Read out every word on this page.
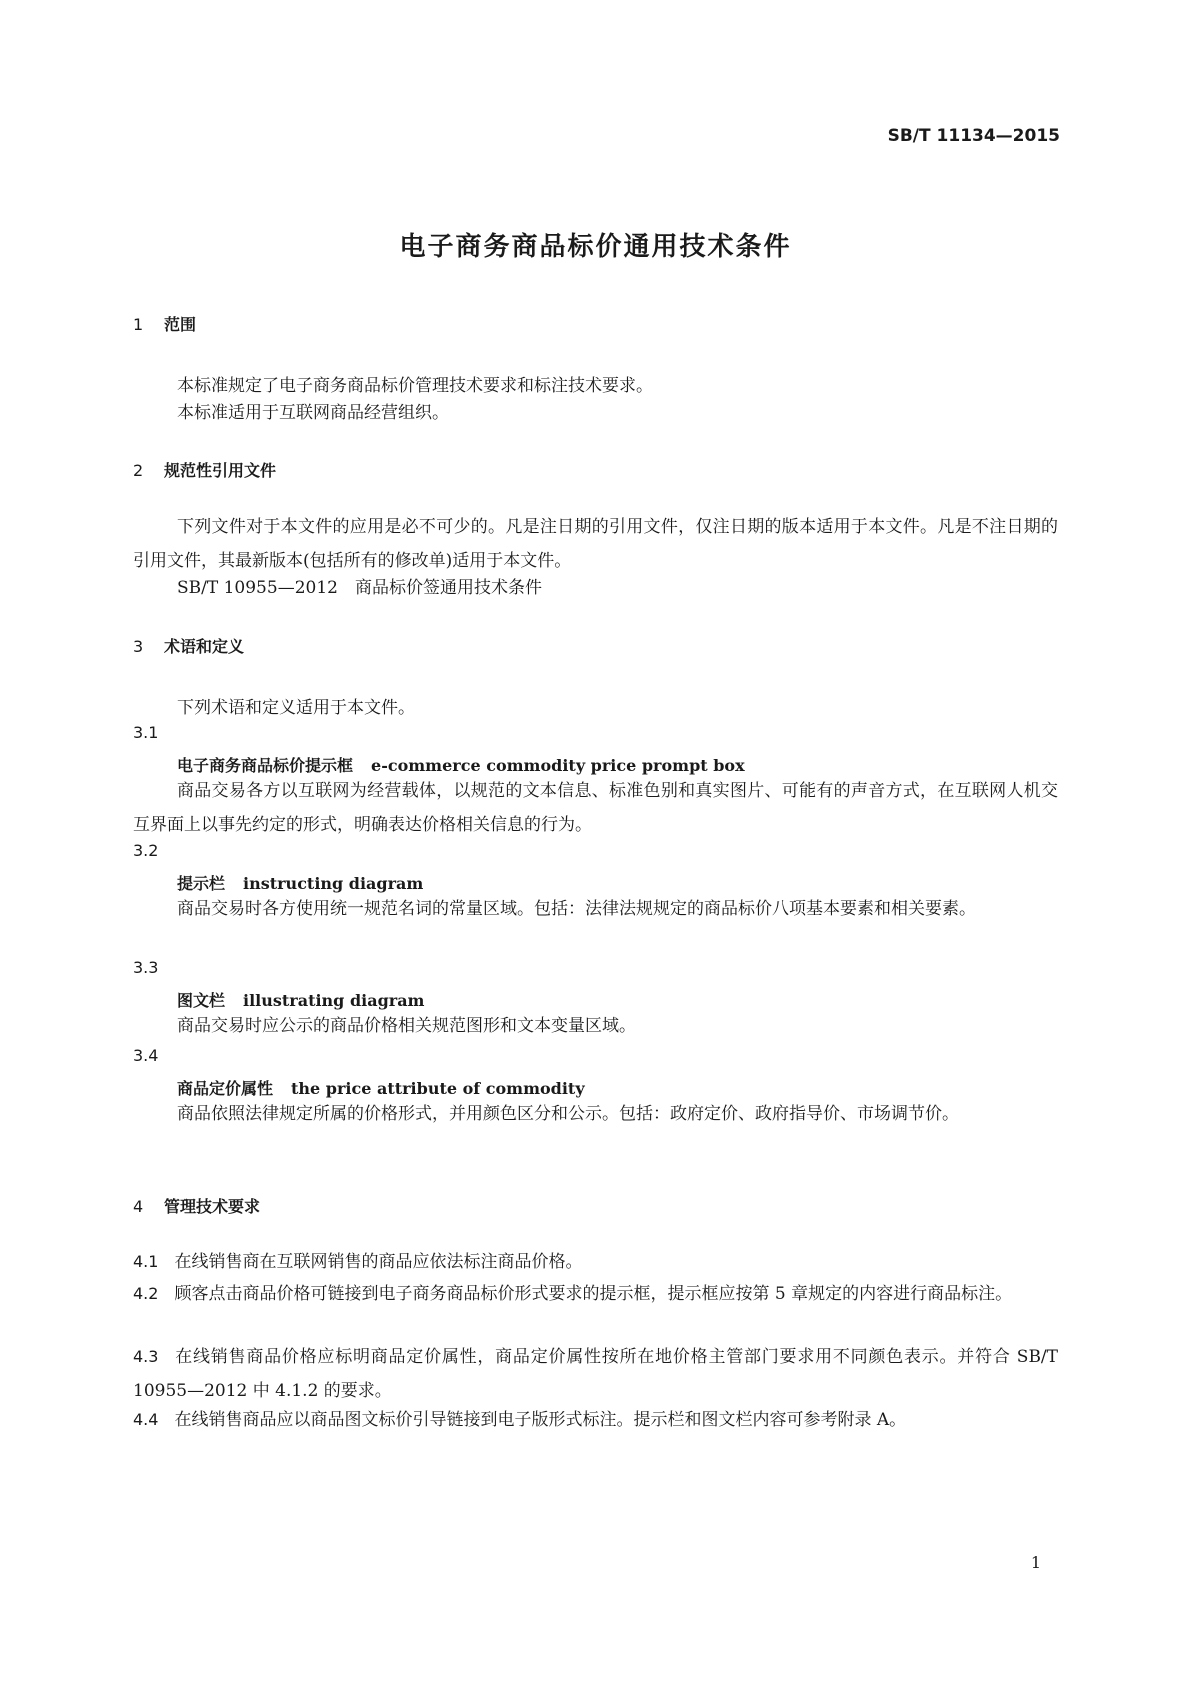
SB/T 11134—2015
电子商务商品标价通用技术条件
1 范围
本标准规定了电子商务商品标价管理技术要求和标注技术要求。
本标准适用于互联网商品经营组织。
2 规范性引用文件
下列文件对于本文件的应用是必不可少的。凡是注日期的引用文件，仅注日期的版本适用于本文件。凡是不注日期的引用文件，其最新版本(包括所有的修改单)适用于本文件。
SB/T 10955—2012　商品标价签通用技术条件
3 术语和定义
下列术语和定义适用于本文件。
3.1
电子商务商品标价提示框 e-commerce commodity price prompt box
商品交易各方以互联网为经营载体，以规范的文本信息、标准色别和真实图片、可能有的声音方式，在互联网人机交互界面上以事先约定的形式，明确表达价格相关信息的行为。
3.2
提示栏 instructing diagram
商品交易时各方使用统一规范名词的常量区域。包括：法律法规规定的商品标价八项基本要素和相关要素。
3.3
图文栏 illustrating diagram
商品交易时应公示的商品价格相关规范图形和文本变量区域。
3.4
商品定价属性 the price attribute of commodity
商品依照法律规定所属的价格形式，并用颜色区分和公示。包括：政府定价、政府指导价、市场调节价。
4 管理技术要求
4.1 在线销售商在互联网销售的商品应依法标注商品价格。
4.2 顾客点击商品价格可链接到电子商务商品标价形式要求的提示框，提示框应按第 5 章规定的内容进行商品标注。
4.3 在线销售商品价格应标明商品定价属性，商品定价属性按所在地价格主管部门要求用不同颜色表示。并符合 SB/T 10955—2012 中 4.1.2 的要求。
4.4 在线销售商品应以商品图文标价引导链接到电子版形式标注。提示栏和图文栏内容可参考附录 A。
1
